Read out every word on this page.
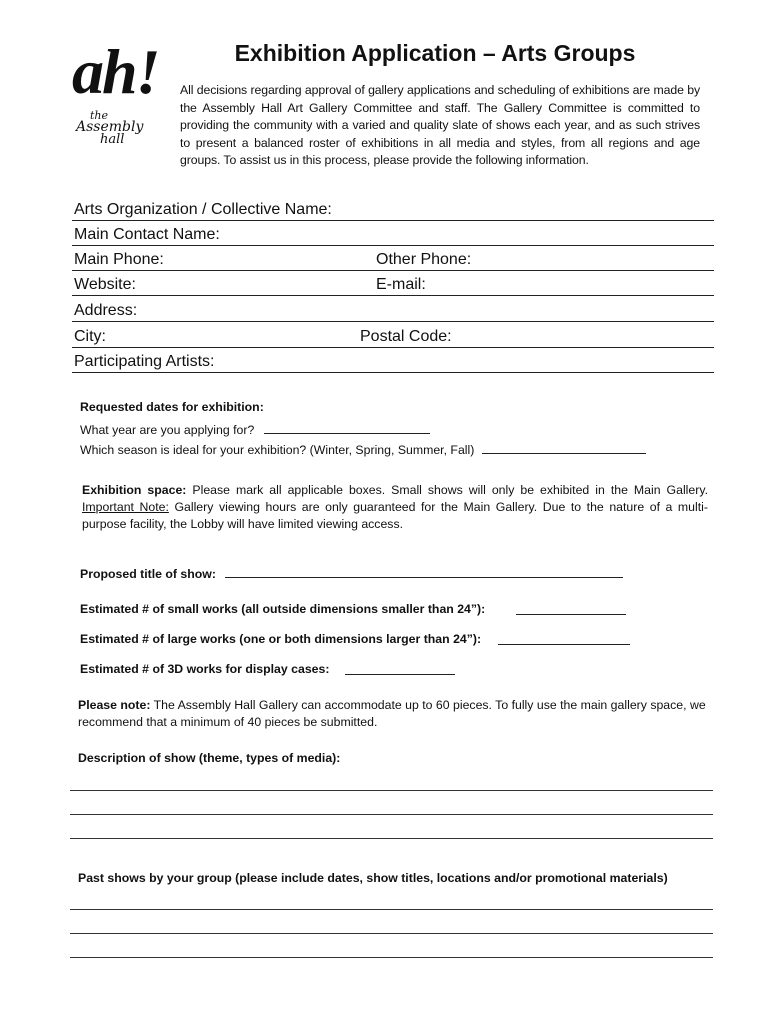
ah!
the
Assembly
hall
Exhibition Application – Arts Groups
All decisions regarding approval of gallery applications and scheduling of exhibitions are made by the Assembly Hall Art Gallery Committee and staff. The Gallery Committee is committed to providing the community with a varied and quality slate of shows each year, and as such strives to present a balanced roster of exhibitions in all media and styles, from all regions and age groups. To assist us in this process, please provide the following information.
Arts Organization / Collective Name:
Main Contact Name:
Main Phone:	Other Phone:
Website:	E-mail:
Address:
City:	Postal Code:
Participating Artists:
Requested dates for exhibition:
What year are you applying for?
Which season is ideal for your exhibition? (Winter, Spring, Summer, Fall)
Exhibition space: Please mark all applicable boxes. Small shows will only be exhibited in the Main Gallery. Important Note: Gallery viewing hours are only guaranteed for the Main Gallery. Due to the nature of a multi-purpose facility, the Lobby will have limited viewing access.
Proposed title of show:
Estimated # of small works (all outside dimensions smaller than 24”):
Estimated # of large works (one or both dimensions larger than 24”):
Estimated # of 3D works for display cases:
Please note: The Assembly Hall Gallery can accommodate up to 60 pieces. To fully use the main gallery space, we recommend that a minimum of 40 pieces be submitted.
Description of show (theme, types of media):
Past shows by your group (please include dates, show titles, locations and/or promotional materials)
